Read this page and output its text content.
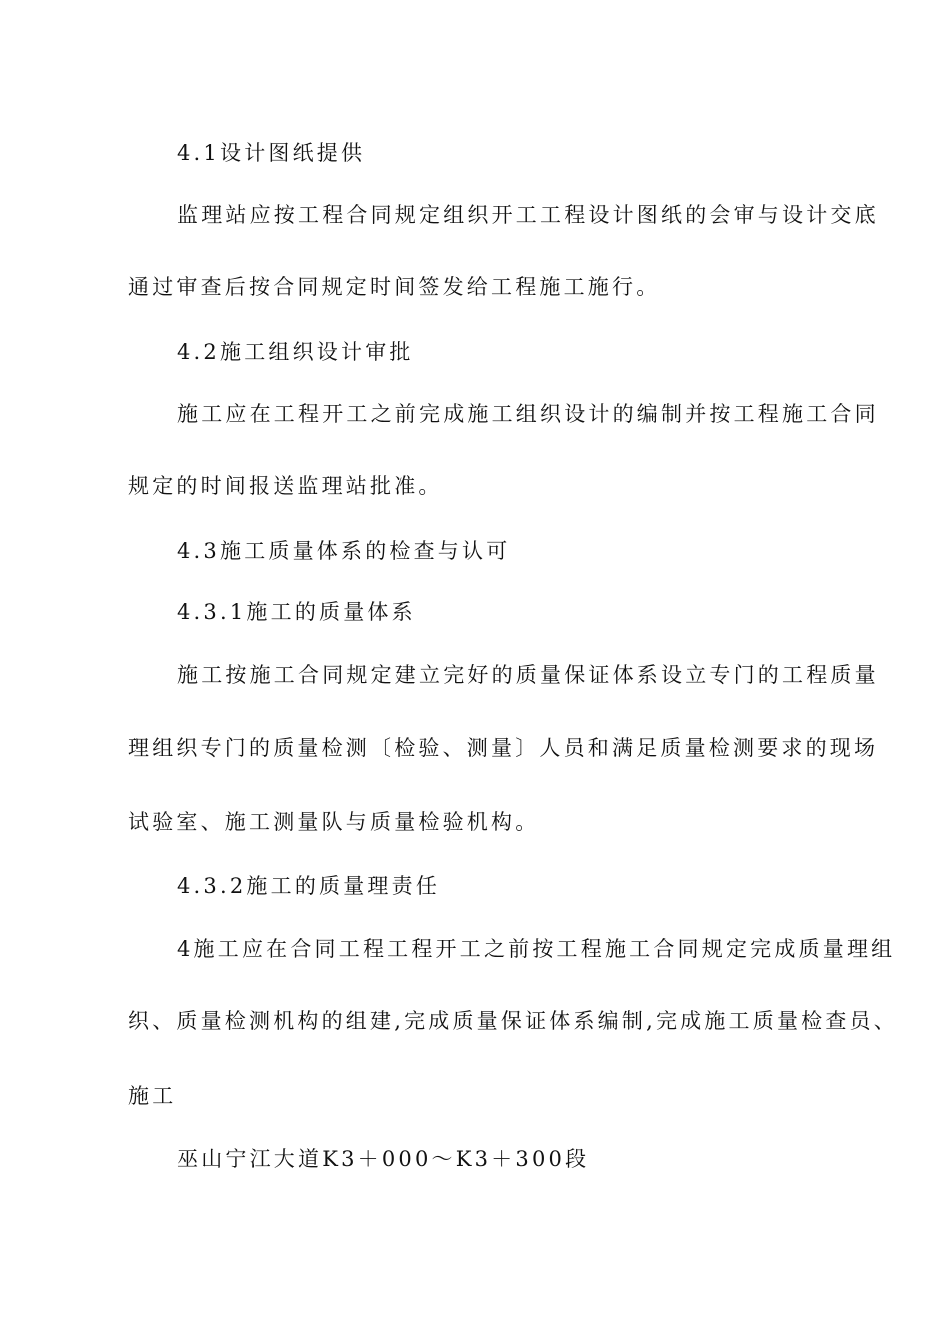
4.1设计图纸提供
监理站应按工程合同规定组织开工工程设计图纸的会审与设计交底
通过审查后按合同规定时间签发给工程施工施行。
4.2施工组织设计审批
施工应在工程开工之前完成施工组织设计的编制并按工程施工合同
规定的时间报送监理站批准。
4.3施工质量体系的检查与认可
4.3.1施工的质量体系
施工按施工合同规定建立完好的质量保证体系设立专门的工程质量
理组织专门的质量检测〔检验、测量〕人员和满足质量检测要求的现场
试验室、施工测量队与质量检验机构。
4.3.2施工的质量理责任
4施工应在合同工程工程开工之前按工程施工合同规定完成质量理组
织、质量检测机构的组建,完成质量保证体系编制,完成施工质量检查员、
施工
巫山宁江大道K3＋000～K3＋300段
